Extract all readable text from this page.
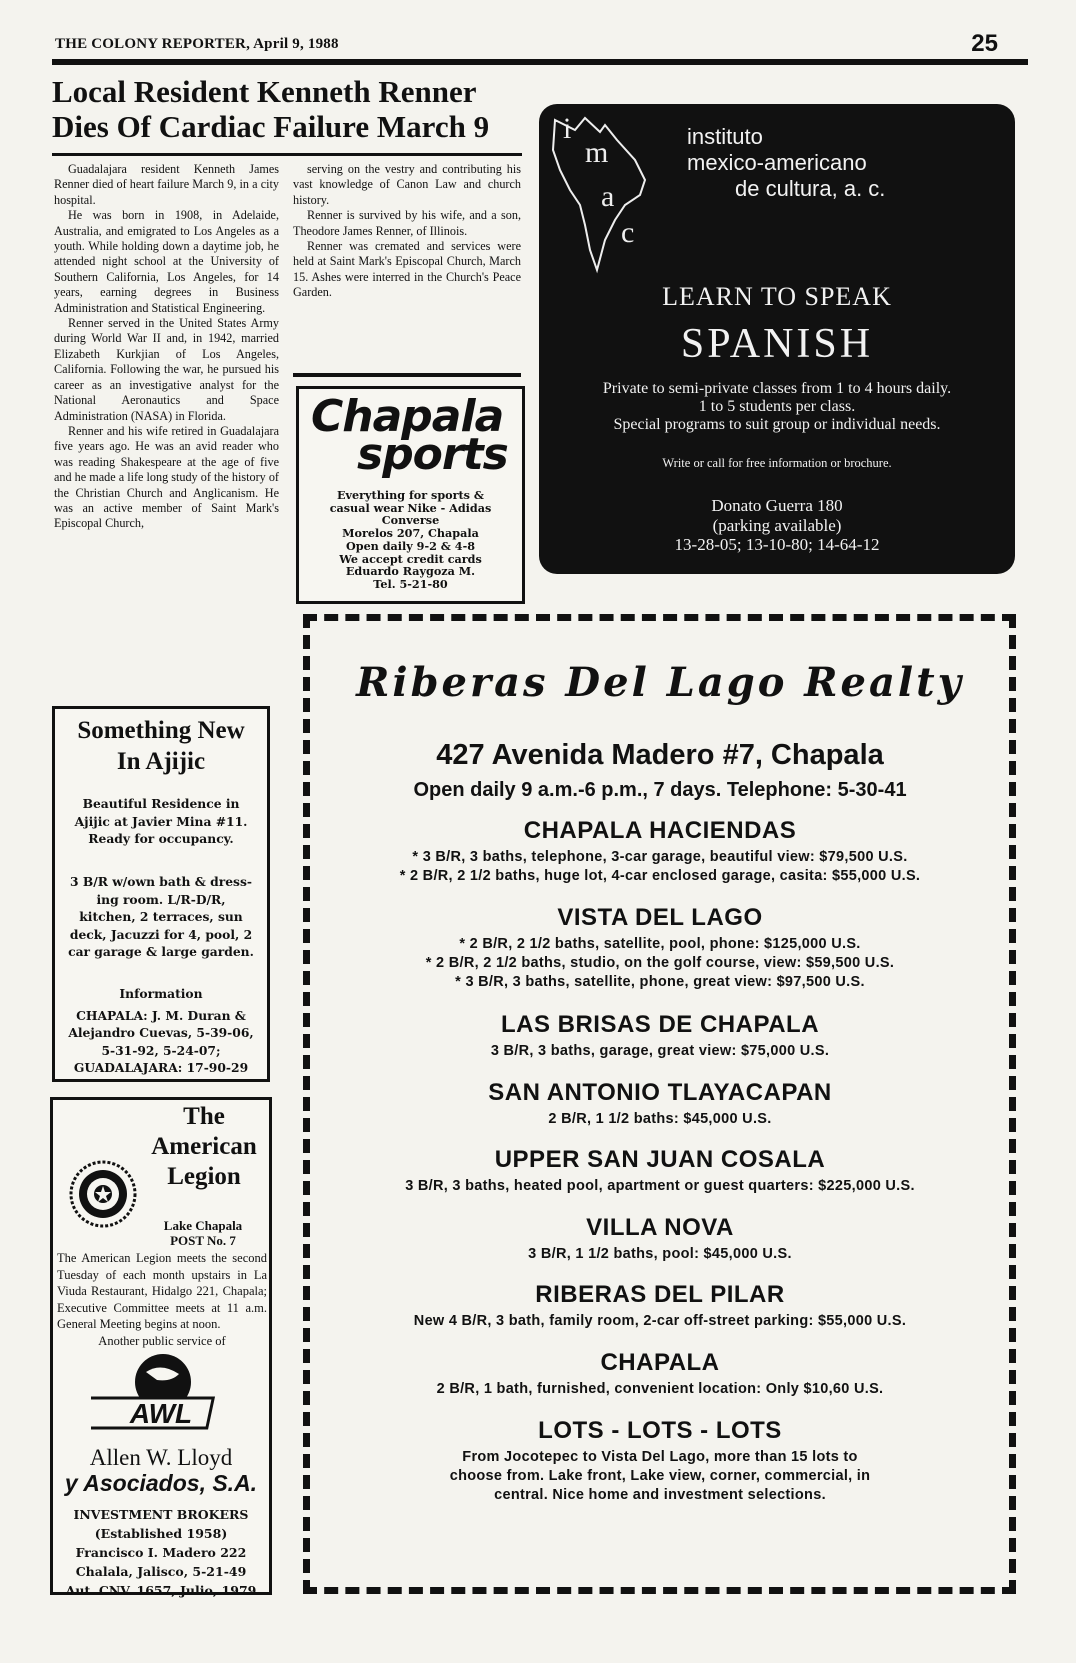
THE COLONY REPORTER, April 9, 1988	25
Local Resident Kenneth Renner
Dies Of Cardiac Failure March 9

Guadalajara resident Kenneth James Renner died of heart failure March 9, in a city hospital.

He was born in 1908, in Adelaide, Australia, and emigrated to Los Angeles as a youth. While holding down a daytime job, he attended night school at the University of Southern California, Los Angeles, for 14 years, earning degrees in Business Administration and Statistical Engineering.

Renner served in the United States Army during World War II and, in 1942, married Elizabeth Kurkjian of Los Angeles, California. Following the war, he pursued his career as an investigative analyst for the National Aeronautics and Space Administration (NASA) in Florida.

Renner and his wife retired in Guadalajara five years ago. He was an avid reader who was reading Shakespeare at the age of five and he made a life long study of the history of the Christian Church and Anglicanism. He was an active member of Saint Mark's Episcopal Church,

serving on the vestry and contributing his vast knowledge of Canon Law and church history.

Renner is survived by his wife, and a son, Theodore James Renner, of Illinois.

Renner was cremated and services were held at Saint Mark's Episcopal Church, March 15. Ashes were interred in the Church's Peace Garden.

Chapala
sports
Everything for sports &
casual wear Nike - Adidas
Converse
Morelos 207, Chapala
Open daily 9-2 & 4-8
We accept credit cards
Eduardo Raygoza M.
Tel. 5-21-80
i
m
a
c
instituto
mexico-americano
de cultura, a. c.
LEARN TO SPEAK
SPANISH
Private to semi-private classes from 1 to 4 hours daily.
1 to 5 students per class.
Special programs to suit group or individual needs.
Write or call for free information or brochure.
Donato Guerra 180
(parking available)
13-28-05; 13-10-80; 14-64-12
Riberas Del Lago Realty
427 Avenida Madero #7, Chapala
Open daily 9 a.m.-6 p.m., 7 days. Telephone: 5-30-41
CHAPALA HACIENDAS
* 3 B/R, 3 baths, telephone, 3-car garage, beautiful view: $79,500 U.S.
* 2 B/R, 2 1/2 baths, huge lot, 4-car enclosed garage, casita: $55,000 U.S.
VISTA DEL LAGO
* 2 B/R, 2 1/2 baths, satellite, pool, phone: $125,000 U.S.
* 2 B/R, 2 1/2 baths, studio, on the golf course, view: $59,500 U.S.
* 3 B/R, 3 baths, satellite, phone, great view: $97,500 U.S.
LAS BRISAS DE CHAPALA
3 B/R, 3 baths, garage, great view: $75,000 U.S.
SAN ANTONIO TLAYACAPAN
2 B/R, 1 1/2 baths: $45,000 U.S.
UPPER SAN JUAN COSALA
3 B/R, 3 baths, heated pool, apartment or guest quarters: $225,000 U.S.
VILLA NOVA
3 B/R, 1 1/2 baths, pool: $45,000 U.S.
RIBERAS DEL PILAR
New 4 B/R, 3 bath, family room, 2-car off-street parking: $55,000 U.S.
CHAPALA
2 B/R, 1 bath, furnished, convenient location: Only $10,60 U.S.
LOTS - LOTS - LOTS
From Jocotepec to Vista Del Lago, more than 15 lots to
choose from. Lake front, Lake view, corner, commercial, in
central. Nice home and investment selections.
Something New
In Ajijic
Beautiful Residence in
Ajijic at Javier Mina #11.
Ready for occupancy.
3 B/R w/own bath & dress-
ing room. L/R-D/R,
kitchen, 2 terraces, sun
deck, Jacuzzi for 4, pool, 2
car garage & large garden.
Information
CHAPALA: J. M. Duran &
Alejandro Cuevas, 5-39-06,
5-31-92, 5-24-07;
GUADALAJARA: 17-90-29
The
American
Legion
Lake Chapala
POST No. 7
The American Legion meets the second Tuesday of each month upstairs in La Viuda Restaurant, Hidalgo 221, Chapala; Executive Committee meets at 11 a.m. General Meeting begins at noon.
Another public service of
AWL
Allen W. Lloyd
y Asociados, S.A.
INVESTMENT BROKERS
(Established 1958)
Francisco I. Madero 222
Chalala, Jalisco, 5-21-49
Aut. CNV. 1657, Julio, 1979
